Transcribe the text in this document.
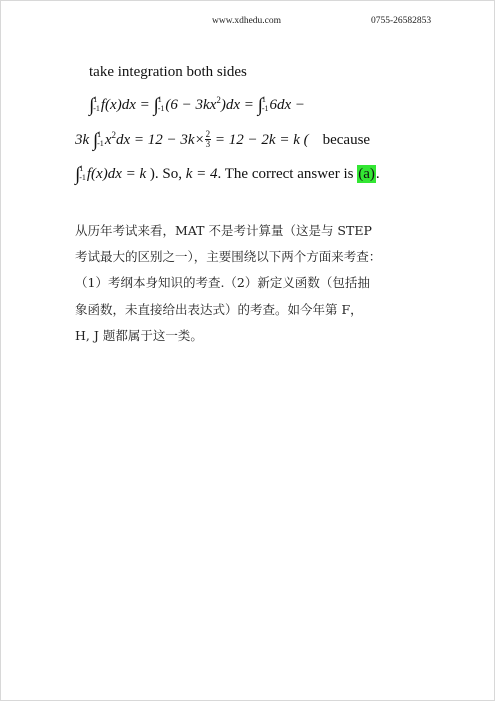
www.xdhedu.com	0755-26582853
take integration both sides
∫ 1
-1 f(x)dx = ∫ 1
-1 $(6 - 3kx^2)dx$ = ∫ 1
-1 6dx −
3k ∫ 1
-1 $x^2dx = 12 - 3k\times \frac{2}{3} = 12 - 2k = k$ ( because
∫ 1
-1 f(x)dx = k ). So, k = 4. The correct answer is (a).
从历年考试来看，MAT 不是考计算量（这是与 STEP
考试最大的区别之一），主要围绕以下两个方面来考查：
（1）考纲本身知识的考查.（2）新定义函数（包括抽
象函数，未直接给出表达式）的考查。如今年第 F，
H, J 题都属于这一类。
